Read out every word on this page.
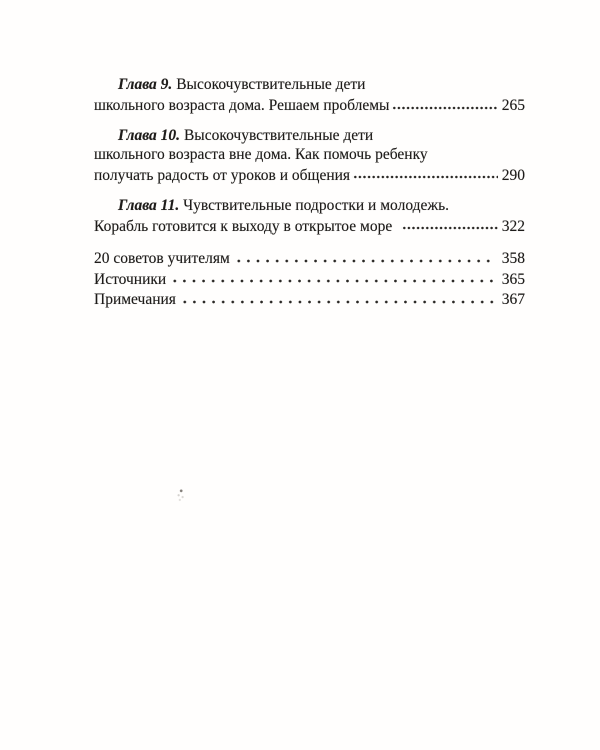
Глава 9. Высокочувствительные дети
школьного возраста дома. Решаем проблемы	265
Глава 10. Высокочувствительные дети
школьного возраста вне дома. Как помочь ребенку
получать радость от уроков и общения	290
Глава 11. Чувствительные подростки и молодежь.
Корабль готовится к выходу в открытое море	322
20 советов учителям	358
Источники	365
Примечания	367
